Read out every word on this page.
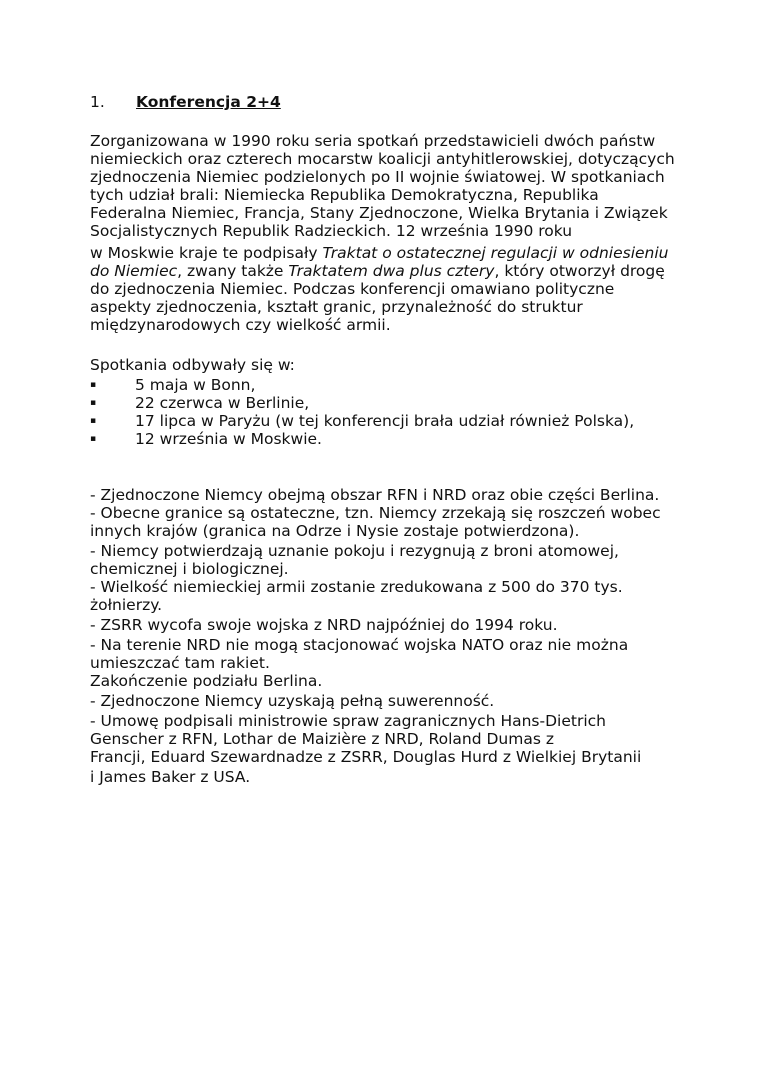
1. Konferencja 2+4
Zorganizowana w 1990 roku seria spotkań przedstawicieli dwóch państw
niemieckich oraz czterech mocarstw koalicji antyhitlerowskiej, dotyczących
zjednoczenia Niemiec podzielonych po II wojnie światowej. W spotkaniach
tych udział brali: Niemiecka Republika Demokratyczna, Republika
Federalna Niemiec, Francja, Stany Zjednoczone, Wielka Brytania i Związek
Socjalistycznych Republik Radzieckich. 12 września 1990 roku
w Moskwie kraje te podpisały Traktat o ostatecznej regulacji w odniesieniu
do Niemiec, zwany także Traktatem dwa plus cztery, który otworzył drogę
do zjednoczenia Niemiec. Podczas konferencji omawiano polityczne
aspekty zjednoczenia, kształt granic, przynależność do struktur
międzynarodowych czy wielkość armii.
Spotkania odbywały się w:
▪	5 maja w Bonn,
▪	22 czerwca w Berlinie,
▪	17 lipca w Paryżu (w tej konferencji brała udział również Polska),
▪	12 września w Moskwie.
- Zjednoczone Niemcy obejmą obszar RFN i NRD oraz obie części Berlina.
- Obecne granice są ostateczne, tzn. Niemcy zrzekają się roszczeń wobec
innych krajów (granica na Odrze i Nysie zostaje potwierdzona).
- Niemcy potwierdzają uznanie pokoju i rezygnują z broni atomowej,
chemicznej i biologicznej.
- Wielkość niemieckiej armii zostanie zredukowana z 500 do 370 tys.
żołnierzy.
- ZSRR wycofa swoje wojska z NRD najpóźniej do 1994 roku.
- Na terenie NRD nie mogą stacjonować wojska NATO oraz nie można
umieszczać tam rakiet.
Zakończenie podziału Berlina.
- Zjednoczone Niemcy uzyskają pełną suwerenność.
- Umowę podpisali ministrowie spraw zagranicznych Hans-Dietrich
Genscher z RFN, Lothar de Maizière z NRD, Roland Dumas z
Francji, Eduard Szewardnadze z ZSRR, Douglas Hurd z Wielkiej Brytanii
i James Baker z USA.
